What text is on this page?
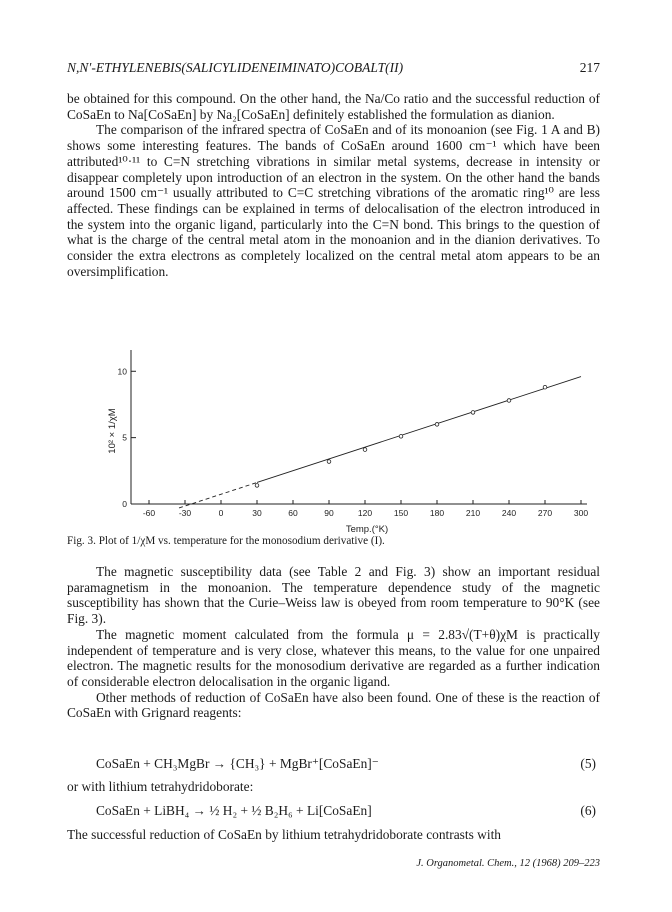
N,N′-ETHYLENEBIS(SALICYLIDENEIMINATO)COBALT(II)	217

be obtained for this compound. On the other hand, the Na/Co ratio and the successful reduction of CoSaEn to Na[CoSaEn] by Na₂[CoSaEn] definitely established the formulation as dianion.

The comparison of the infrared spectra of CoSaEn and of its monoanion (see Fig. 1 A and B) shows some interesting features. The bands of CoSaEn around 1600 cm⁻¹ which have been attributed¹⁰·¹¹ to C=N stretching vibrations in similar metal systems, decrease in intensity or disappear completely upon introduction of an electron in the system. On the other hand the bands around 1500 cm⁻¹ usually attributed to C=C stretching vibrations of the aromatic ring¹⁰ are less affected. These findings can be explained in terms of delocalisation of the electron introduced in the system into the organic ligand, particularly into the C=N bond. This brings to the question of what is the charge of the central metal atom in the monoanion and in the dianion derivatives. To consider the extra electrons as completely localized on the central metal atom appears to be an oversimplification.

-60	-30	0	30	60	90	120	150	180	210	240	270	300
0
5
10
10² × 1/χM
Temp.(°K)
Fig. 3. Plot of 1/χM vs. temperature for the monosodium derivative (I).

The magnetic susceptibility data (see Table 2 and Fig. 3) show an important residual paramagnetism in the monoanion. The temperature dependence study of the magnetic susceptibility has shown that the Curie–Weiss law is obeyed from room temperature to 90°K (see Fig. 3).

The magnetic moment calculated from the formula μ = 2.83√(T+θ)χM is practically independent of temperature and is very close, whatever this means, to the value for one unpaired electron. The magnetic results for the monosodium derivative are regarded as a further indication of considerable electron delocalisation in the organic ligand.

Other methods of reduction of CoSaEn have also been found. One of these is the reaction of CoSaEn with Grignard reagents:

CoSaEn + CH₃MgBr → {CH₃} + MgBr⁺[CoSaEn]⁻	(5)
or with lithium tetrahydridoborate:
CoSaEn + LiBH₄ → ½ H₂ + ½ B₂H₆ + Li[CoSaEn]	(6)
The successful reduction of CoSaEn by lithium tetrahydridoborate contrasts with
J. Organometal. Chem., 12 (1968) 209–223
